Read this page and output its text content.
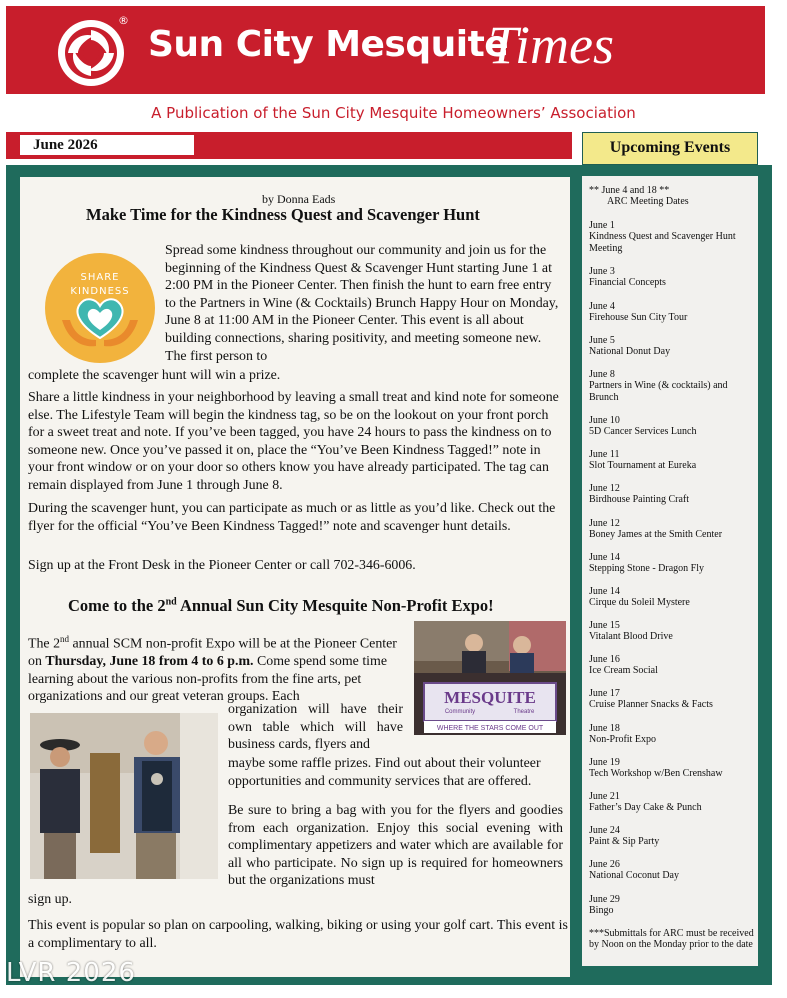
®
Sun City Mesquite
Times
A Publication of the Sun City Mesquite Homeowners’ Association
June 2026	Upcoming Events
by Donna Eads
Make Time for the Kindness Quest and Scavenger Hunt
SHARE
KINDNESS
Spread some kindness throughout our community and join us for the beginning of the Kindness Quest & Scavenger Hunt starting June 1 at 2:00 PM in the Pioneer Center. Then finish the hunt to earn free entry to the Partners in Wine (& Cocktails) Brunch Happy Hour on Monday, June 8 at 11:00 AM in the Pioneer Center. This event is all about building connections, sharing positivity, and meeting someone new. The first person to
complete the scavenger hunt will win a prize.
Share a little kindness in your neighborhood by leaving a small treat and kind note for someone else. The Lifestyle Team will begin the kindness tag, so be on the lookout on your front porch for a sweet treat and note. If you’ve been tagged, you have 24 hours to pass the kindness on to someone new. Once you’ve passed it on, place the “You’ve Been Kindness Tagged!” note in your front window or on your door so others know you have already participated. The tag can remain displayed from June 1 through June 8.
During the scavenger hunt, you can participate as much or as little as you’d like. Check out the flyer for the official “You’ve Been Kindness Tagged!” note and scavenger hunt details.
Sign up at the Front Desk in the Pioneer Center or call 702-346-6006.
Come to the 2nd Annual Sun City Mesquite Non-Profit Expo!
The 2nd annual SCM non-profit Expo will be at the Pioneer Center on Thursday, June 18 from 4 to 6 p.m. Come spend some time learning about the various non-profits from the fine arts, pet organizations and our great veteran groups. Each
organization will have their own table which will have business cards, flyers and
maybe some raffle prizes. Find out about their volunteer opportunities and community services that are offered.
Be sure to bring a bag with you for the flyers and goodies from each organization. Enjoy this social evening with complimentary appetizers and water which are available for all who participate. No sign up is required for homeowners but the organizations must
sign up.
This event is popular so plan on carpooling, walking, biking or using your golf cart. This event is a complimentary to all.
MESQUITE
Community	Theatre
WHERE THE STARS COME OUT
** June 4 and 18 **
ARC Meeting Dates
June 1
Kindness Quest and Scavenger Hunt Meeting
June 3
Financial Concepts
June 4
Firehouse Sun City Tour
June 5
National Donut Day
June 8
Partners in Wine (& cocktails) and Brunch
June 10
5D Cancer Services Lunch
June 11
Slot Tournament at Eureka
June 12
Birdhouse Painting Craft
June 12
Boney James at the Smith Center
June 14
Stepping Stone - Dragon Fly
June 14
Cirque du Soleil Mystere
June 15
Vitalant Blood Drive
June 16
Ice Cream Social
June 17
Cruise Planner Snacks & Facts
June 18
Non-Profit Expo
June 19
Tech Workshop w/Ben Crenshaw
June 21
Father’s Day Cake & Punch
June 24
Paint & Sip Party
June 26
National Coconut Day
June 29
Bingo
***Submittals for ARC must be received by Noon on the Monday prior to the date
LVR 2026
